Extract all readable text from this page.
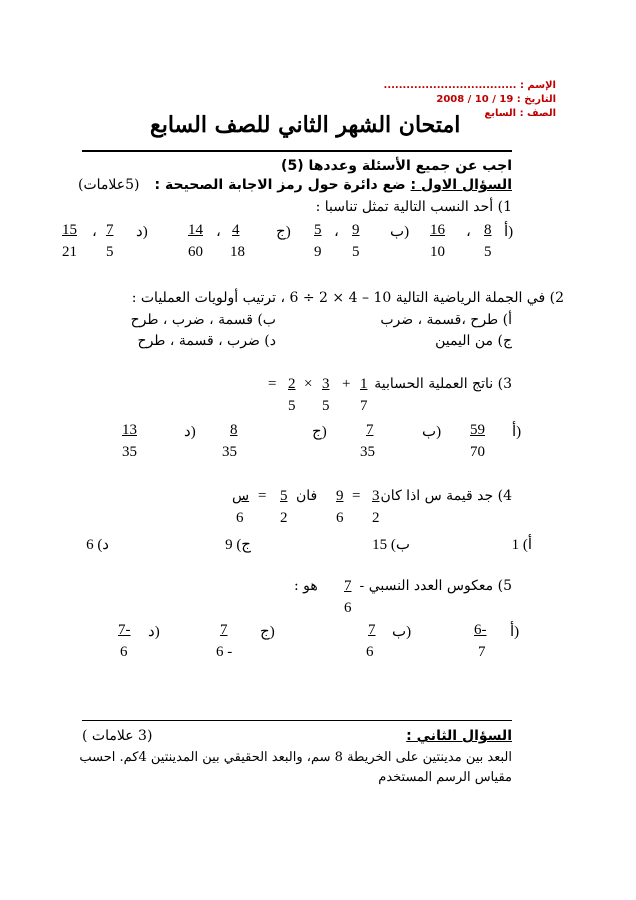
الإسم : ...................................
التاريخ : 19 / 10 / 2008
الصف : السابع
امتحان الشهر الثاني للصف السابع
اجب عن جميع الأسئلة وعددها (5)
السؤال الاول : ضع دائرة حول رمز الاجابة الصحيحة :
(5علامات)
1) أحد النسب التالية تمثل تناسبا :
أ)
8
5
،
16
10
ب)
9
5
،
5
9
ج)
4
18
،
14
60
د)
7
5
،
15
21
2) في الجملة الرياضية التالية 10 – 4 × 2 ÷ 6 ، ترتيب أولويات العمليات :
أ) طرح ،قسمة ، ضرب
ب) قسمة ، ضرب ، طرح
ج) من اليمين
د) ضرب ، قسمة ، طرح
3) ناتج العملية الحسابية
1
7
+
3
5
×
2
5
=
أ)
59
70
ب)
7
35
ج)
8
35
د)
13
35
4) جد قيمة س اذا كان
3
2
=
9
6
فان
5
2
=
س
6
أ) 1
ب) 15
ج) 9
د) 6
5) معكوس العدد النسبي -
$\frac{7}{6}$
هو :
أ)
6-
7
ب)
7
6
ج)
7
6 -
د)
7-
6
السؤال الثاني :
(3 علامات )
البعد بين مدينتين على الخريطة 8 سم، والبعد الحقيقي بين المدينتين 4كم. احسب
مقياس الرسم المستخدم
